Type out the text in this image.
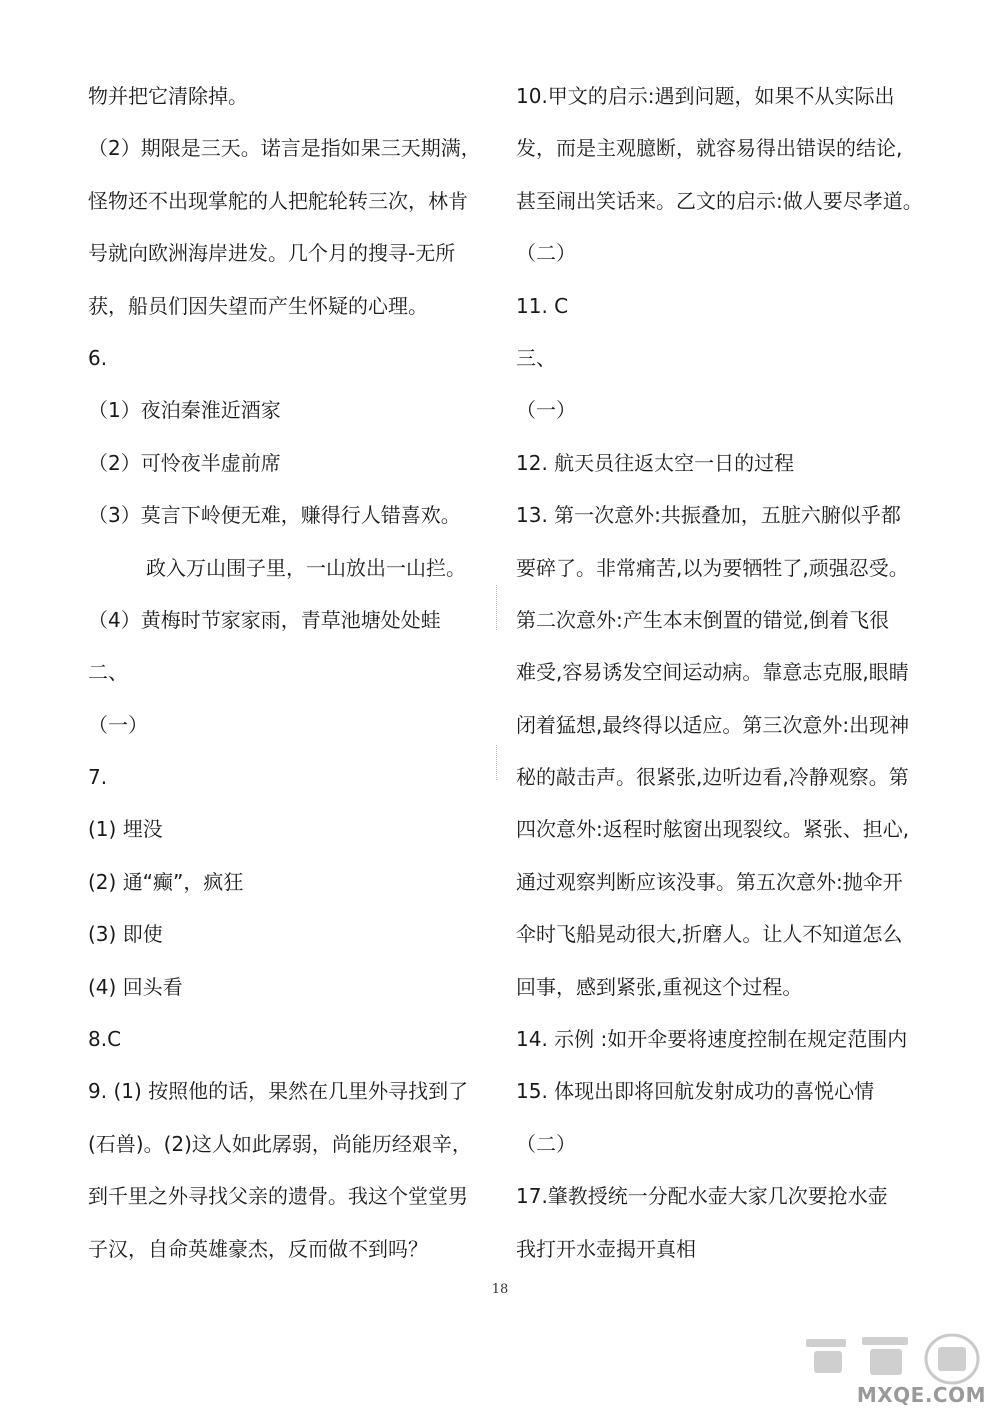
物并把它清除掉。
（2）期限是三天。诺言是指如果三天期满，
怪物还不出现掌舵的人把舵轮转三次，林肯
号就向欧洲海岸进发。几个月的搜寻-无所
获，船员们因失望而产生怀疑的心理。
6.
（1）夜泊秦淮近酒家
（2）可怜夜半虚前席
（3）莫言下岭便无难，赚得行人错喜欢。
政入万山围子里，一山放出一山拦。
（4）黄梅时节家家雨，青草池塘处处蛙
二、
（一）
7.
(1) 埋没
(2) 通“癫”，疯狂
(3) 即使
(4) 回头看
8.C
9. (1) 按照他的话，果然在几里外寻找到了
(石兽)。(2)这人如此孱弱，尚能历经艰辛，
到千里之外寻找父亲的遗骨。我这个堂堂男
子汉，自命英雄豪杰，反而做不到吗？
10.甲文的启示:遇到问题，如果不从实际出
发，而是主观臆断，就容易得出错误的结论,
甚至闹出笑话来。乙文的启示:做人要尽孝道。
（二）
11. C
三、
（一）
12. 航天员往返太空一日的过程
13. 第一次意外:共振叠加，五脏六腑似乎都
要碎了。非常痛苦,以为要牺牲了,顽强忍受。
第二次意外:产生本末倒置的错觉,倒着飞很
难受,容易诱发空间运动病。靠意志克服,眼睛
闭着猛想,最终得以适应。第三次意外:出现神
秘的敲击声。很紧张,边听边看,冷静观察。第
四次意外:返程时舷窗出现裂纹。紧张、担心,
通过观察判断应该没事。第五次意外:抛伞开
伞时飞船晃动很大,折磨人。让人不知道怎么
回事，感到紧张,重视这个过程。
14. 示例 :如开伞要将速度控制在规定范围内
15. 体现出即将回航发射成功的喜悦心情
（二）
17.肇教授统一分配水壶大家几次要抢水壶
我打开水壶揭开真相
18
MXQE.COM
